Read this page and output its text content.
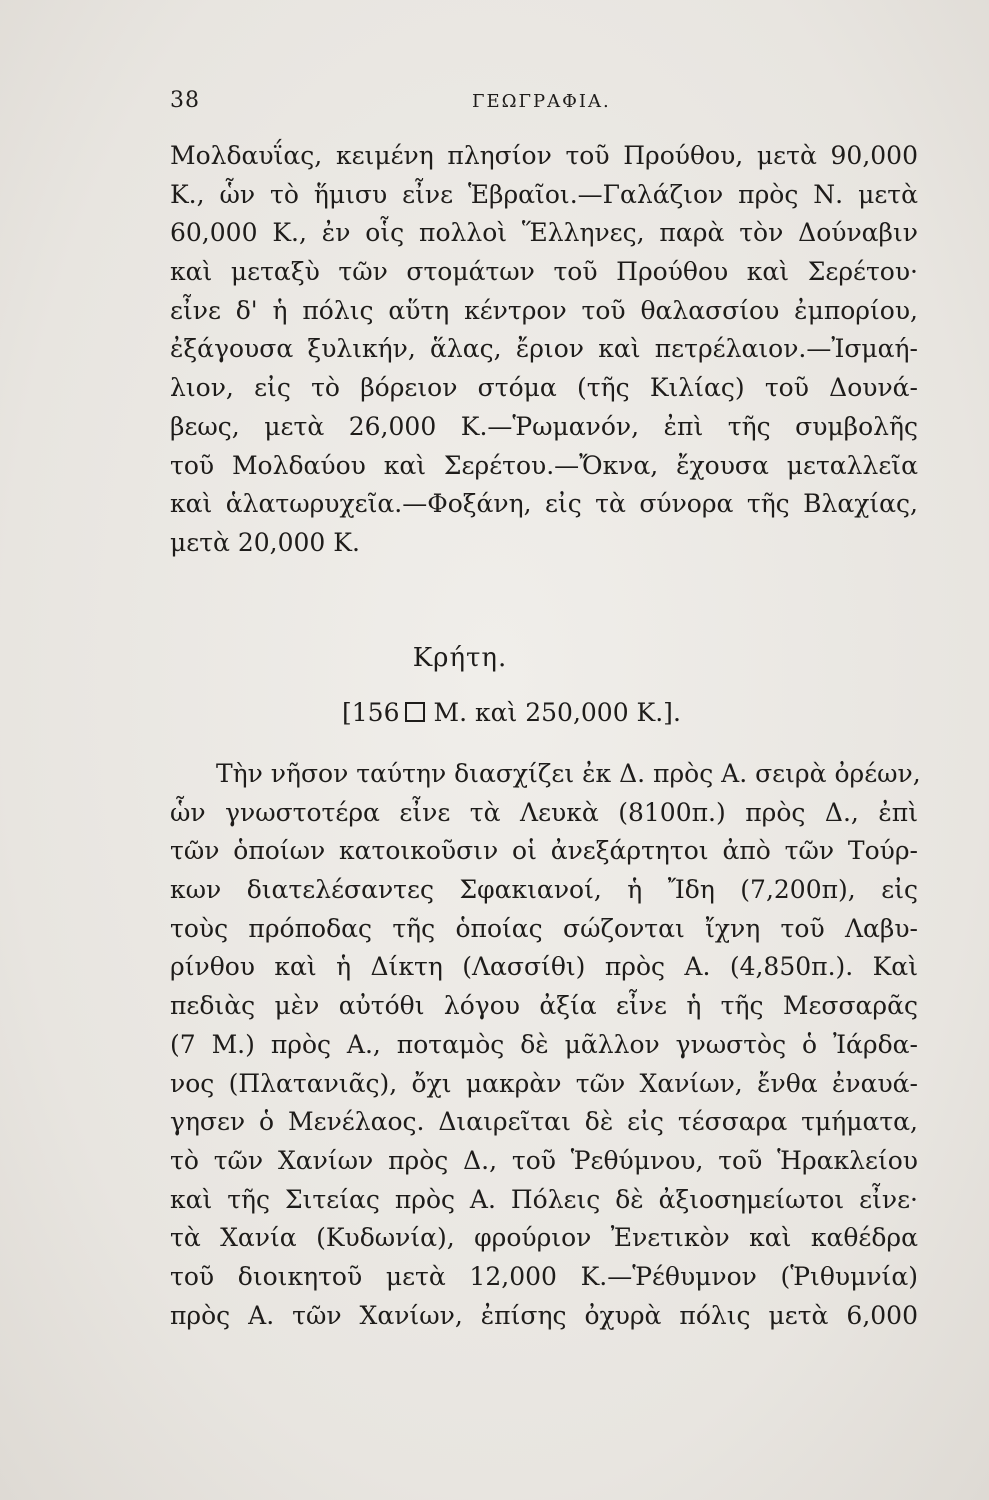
38	ΓΕΩΓΡΑΦΙΑ.
Μολδαυΐας, κειμένη πλησίον τοῦ Προύθου, μετὰ 90,000
Κ., ὧν τὸ ἥμισυ εἶνε Ἑβραῖοι.—Γαλάζιον πρὸς Ν. μετὰ
60,000 Κ., ἐν οἷς πολλοὶ Ἕλληνες, παρὰ τὸν Δούναβιν
καὶ μεταξὺ τῶν στομάτων τοῦ Προύθου καὶ Σερέτου·
εἶνε δ' ἡ πόλις αὕτη κέντρον τοῦ θαλασσίου ἐμπορίου,
ἐξάγουσα ξυλικήν, ἅλας, ἔριον καὶ πετρέλαιον.—Ἰσμαή-
λιον, εἰς τὸ βόρειον στόμα (τῆς Κιλίας) τοῦ Δουνά-
βεως, μετὰ 26,000 Κ.—Ῥωμανόν, ἐπὶ τῆς συμβολῆς
τοῦ Μολδαύου καὶ Σερέτου.—Ὄκνα, ἔχουσα μεταλλεῖα
καὶ ἁλατωρυχεῖα.—Φοξάνη, εἰς τὰ σύνορα τῆς Βλαχίας,
μετὰ 20,000 Κ.
Κρήτη.
[156 Μ. καὶ 250,000 Κ.].
Τὴν νῆσον ταύτην διασχίζει ἐκ Δ. πρὸς Α. σειρὰ ὀρέων,
ὧν γνωστοτέρα εἶνε τὰ Λευκὰ (8100π.) πρὸς Δ., ἐπὶ
τῶν ὁποίων κατοικοῦσιν οἱ ἀνεξάρτητοι ἀπὸ τῶν Τούρ-
κων διατελέσαντες Σφακιανοί, ἡ Ἴδη (7,200π), εἰς
τοὺς πρόποδας τῆς ὁποίας σώζονται ἴχνη τοῦ Λαβυ-
ρίνθου καὶ ἡ Δίκτη (Λασσίθι) πρὸς Α. (4,850π.). Καὶ
πεδιὰς μὲν αὐτόθι λόγου ἀξία εἶνε ἡ τῆς Μεσσαρᾶς
(7 Μ.) πρὸς Α., ποταμὸς δὲ μᾶλλον γνωστὸς ὁ Ἰάρδα-
νος (Πλατανιᾶς), ὄχι μακρὰν τῶν Χανίων, ἔνθα ἐναυά-
γησεν ὁ Μενέλαος. Διαιρεῖται δὲ εἰς τέσσαρα τμήματα,
τὸ τῶν Χανίων πρὸς Δ., τοῦ Ῥεθύμνου, τοῦ Ἡρακλείου
καὶ τῆς Σιτείας πρὸς Α. Πόλεις δὲ ἀξιοσημείωτοι εἶνε·
τὰ Χανία (Κυδωνία), φρούριον Ἐνετικὸν καὶ καθέδρα
τοῦ διοικητοῦ μετὰ 12,000 Κ.—Ῥέθυμνον (Ῥιθυμνία)
πρὸς Α. τῶν Χανίων, ἐπίσης ὀχυρὰ πόλις μετὰ 6,000
